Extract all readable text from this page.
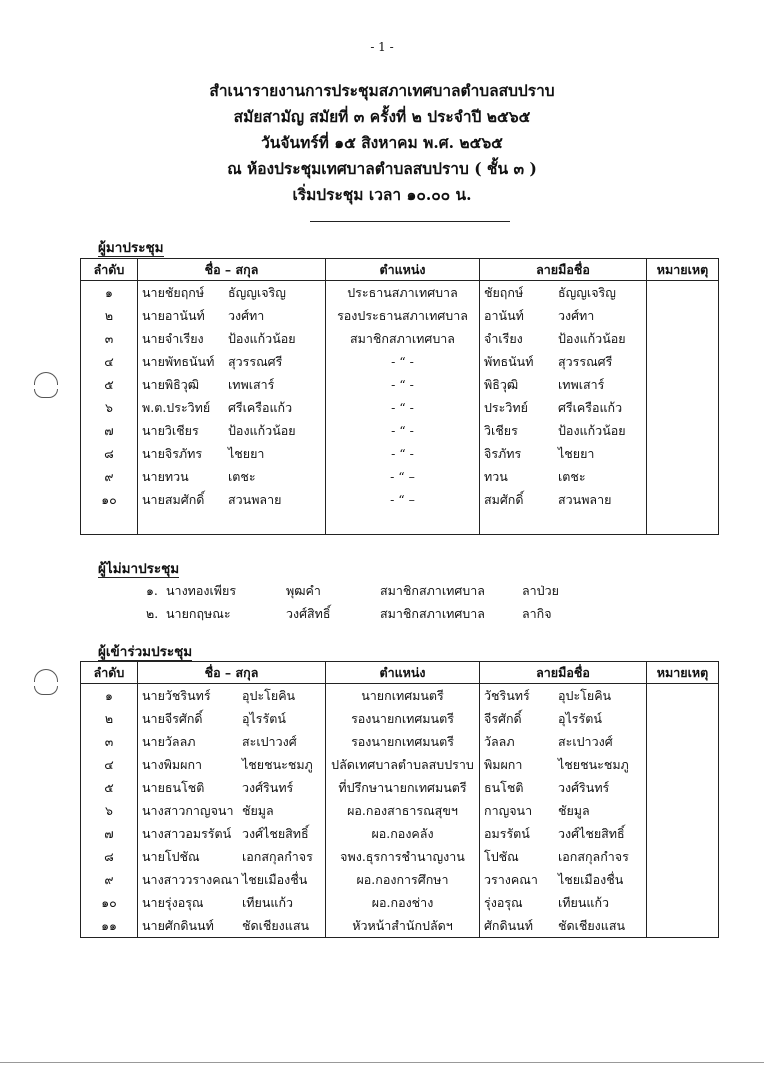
- 1 -
สำเนารายงานการประชุมสภาเทศบาลตำบลสบปราบ
สมัยสามัญ สมัยที่ ๓ ครั้งที่ ๒ ประจำปี ๒๕๖๕
วันจันทร์ที่ ๑๕ สิงหาคม พ.ศ. ๒๕๖๕
ณ ห้องประชุมเทศบาลตำบลสบปราบ ( ชั้น ๓ )
เริ่มประชุม เวลา ๑๐.๐๐ น.
ผู้มาประชุม
ลำดับ	ชื่อ – สกุล	ตำแหน่ง	ลายมือชื่อ	หมายเหตุ
๑	นายชัยฤกษ์ ธัญญเจริญ	ประธานสภาเทศบาล	ชัยฤกษ์ ธัญญเจริญ	

๒	นายอานันท์ วงศ์ทา	รองประธานสภาเทศบาล	อานันท์ วงศ์ทา	

๓	นายจำเรียง ป้องแก้วน้อย	สมาชิกสภาเทศบาล	จำเรียง ป้องแก้วน้อย	

๔	นายพัทธนันท์ สุวรรณศรี	- “ -	พัทธนันท์ สุวรรณศรี	

๕	นายพิธิวุฒิ เทพเสาร์	- “ -	พิธิวุฒิ เทพเสาร์	

๖	พ.ต.ประวิทย์ ศรีเครือแก้ว	- “ -	ประวิทย์ ศรีเครือแก้ว	

๗	นายวิเชียร ป้องแก้วน้อย	- “ -	วิเชียร ป้องแก้วน้อย	

๘	นายจิรภัทร ไชยยา	- “ -	จิรภัทร ไชยยา	

๙	นายทวน เตชะ	- “ –	ทวน เตชะ	

๑๐	นายสมศักดิ์ สวนพลาย	- “ –	สมศักดิ์ สวนพลาย	

ผู้ไม่มาประชุม
๑. นางทองเพียร	พุฒคำ	สมาชิกสภาเทศบาล	ลาป่วย
๒. นายกฤษณะ	วงศ์สิทธิ์	สมาชิกสภาเทศบาล	ลากิจ
ผู้เข้าร่วมประชุม
ลำดับ	ชื่อ – สกุล	ตำแหน่ง	ลายมือชื่อ	หมายเหตุ
๑	นายวัชรินทร์ อุปะโยคิน	นายกเทศมนตรี	วัชรินทร์ อุปะโยคิน	

๒	นายจีรศักดิ์ อุไรรัตน์	รองนายกเทศมนตรี	จีรศักดิ์ อุไรรัตน์	

๓	นายวัลลภ สะเปาวงศ์	รองนายกเทศมนตรี	วัลลภ สะเปาวงศ์	

๔	นางพิมผกา ไชยชนะชมภู	ปลัดเทศบาลตำบลสบปราบ	พิมผกา ไชยชนะชมภู	

๕	นายธนโชติ วงศ์รินทร์	ที่ปรึกษานายกเทศมนตรี	ธนโชติ วงศ์รินทร์	

๖	นางสาวกาญจนา ชัยมูล	ผอ.กองสาธารณสุขฯ	กาญจนา ชัยมูล	

๗	นางสาวอมรรัตน์ วงศ์ไชยสิทธิ์	ผอ.กองคลัง	อมรรัตน์ วงศ์ไชยสิทธิ์	

๘	นายโปชัณ เอกสกุลกำจร	จพง.ธุรการชำนาญงาน	โปชัณ เอกสกุลกำจร	

๙	นางสาววรางคณา ไชยเมืองชื่น	ผอ.กองการศึกษา	วรางคณา ไชยเมืองชื่น	

๑๐	นายรุ่งอรุณ เทียนแก้ว	ผอ.กองช่าง	รุ่งอรุณ เทียนแก้ว	

๑๑	นายศักดินนท์ ชัดเชียงแสน	หัวหน้าสำนักปลัดฯ	ศักดินนท์ ชัดเชียงแสน	
